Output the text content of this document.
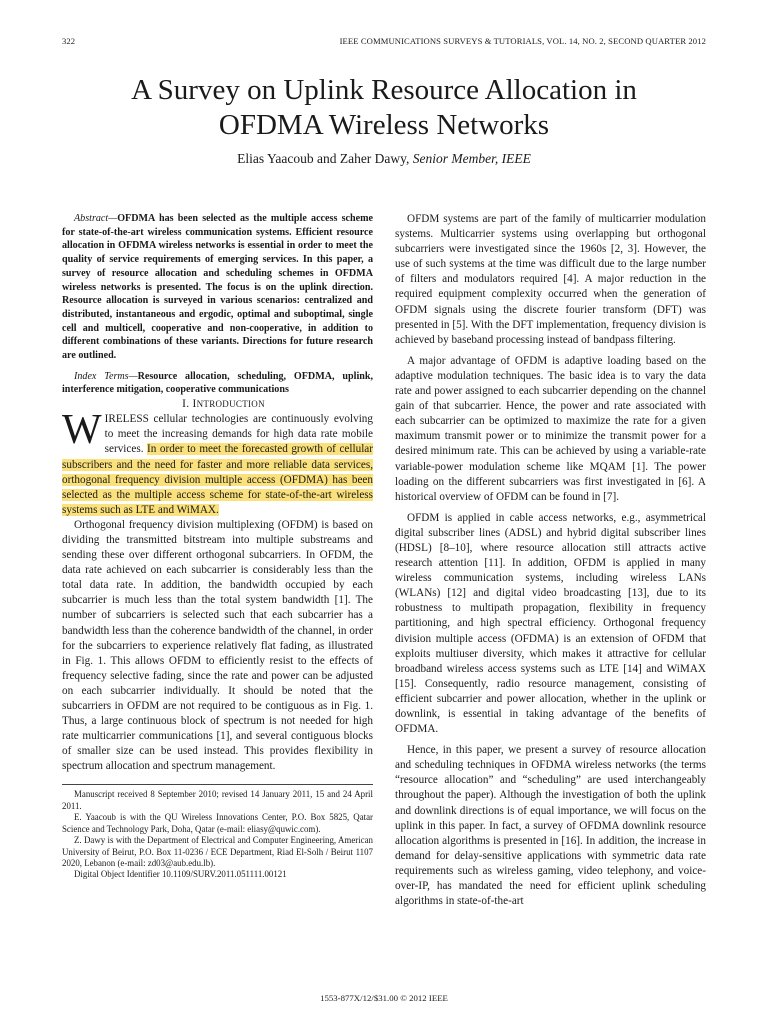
322	IEEE COMMUNICATIONS SURVEYS & TUTORIALS, VOL. 14, NO. 2, SECOND QUARTER 2012
A Survey on Uplink Resource Allocation in
OFDMA Wireless Networks
Elias Yaacoub and Zaher Dawy, Senior Member, IEEE

Abstract—OFDMA has been selected as the multiple access scheme for state-of-the-art wireless communication systems. Efficient resource allocation in OFDMA wireless networks is essential in order to meet the quality of service requirements of emerging services. In this paper, a survey of resource allocation and scheduling schemes in OFDMA wireless networks is presented. The focus is on the uplink direction. Resource allocation is surveyed in various scenarios: centralized and distributed, instantaneous and ergodic, optimal and suboptimal, single cell and multicell, cooperative and non-cooperative, in addition to different combinations of these variants. Directions for future research are outlined.

Index Terms—Resource allocation, scheduling, OFDMA, uplink, interference mitigation, cooperative communications

I. INTRODUCTION

WIRELESS cellular technologies are continuously evolving to meet the increasing demands for high data rate mobile services. In order to meet the forecasted growth of cellular subscribers and the need for faster and more reliable data services, orthogonal frequency division multiple access (OFDMA) has been selected as the multiple access scheme for state-of-the-art wireless systems such as LTE and WiMAX.

Orthogonal frequency division multiplexing (OFDM) is based on dividing the transmitted bitstream into multiple substreams and sending these over different orthogonal subcarriers. In OFDM, the data rate achieved on each subcarrier is considerably less than the total data rate. In addition, the bandwidth occupied by each subcarrier is much less than the total system bandwidth [1]. The number of subcarriers is selected such that each subcarrier has a bandwidth less than the coherence bandwidth of the channel, in order for the subcarriers to experience relatively flat fading, as illustrated in Fig. 1. This allows OFDM to efficiently resist to the effects of frequency selective fading, since the rate and power can be adjusted on each subcarrier individually. It should be noted that the subcarriers in OFDM are not required to be contiguous as in Fig. 1. Thus, a large continuous block of spectrum is not needed for high rate multicarrier communications [1], and several contiguous blocks of smaller size can be used instead. This provides flexibility in spectrum allocation and spectrum management.

Manuscript received 8 September 2010; revised 14 January 2011, 15 and 24 April 2011.

E. Yaacoub is with the QU Wireless Innovations Center, P.O. Box 5825, Qatar Science and Technology Park, Doha, Qatar (e-mail: eliasy@quwic.com).

Z. Dawy is with the Department of Electrical and Computer Engineering, American University of Beirut, P.O. Box 11-0236 / ECE Department, Riad El-Solh / Beirut 1107 2020, Lebanon (e-mail: zd03@aub.edu.lb).

Digital Object Identifier 10.1109/SURV.2011.051111.00121

OFDM systems are part of the family of multicarrier modulation systems. Multicarrier systems using overlapping but orthogonal subcarriers were investigated since the 1960s [2, 3]. However, the use of such systems at the time was difficult due to the large number of filters and modulators required [4]. A major reduction in the required equipment complexity occurred when the generation of OFDM signals using the discrete fourier transform (DFT) was presented in [5]. With the DFT implementation, frequency division is achieved by baseband processing instead of bandpass filtering.

A major advantage of OFDM is adaptive loading based on the adaptive modulation techniques. The basic idea is to vary the data rate and power assigned to each subcarrier depending on the channel gain of that subcarrier. Hence, the power and rate associated with each subcarrier can be optimized to maximize the rate for a given maximum transmit power or to minimize the transmit power for a desired minimum rate. This can be achieved by using a variable-rate variable-power modulation scheme like MQAM [1]. The power loading on the different subcarriers was first investigated in [6]. A historical overview of OFDM can be found in [7].

OFDM is applied in cable access networks, e.g., asymmetrical digital subscriber lines (ADSL) and hybrid digital subscriber lines (HDSL) [8–10], where resource allocation still attracts active research attention [11]. In addition, OFDM is applied in many wireless communication systems, including wireless LANs (WLANs) [12] and digital video broadcasting [13], due to its robustness to multipath propagation, flexibility in frequency partitioning, and high spectral efficiency. Orthogonal frequency division multiple access (OFDMA) is an extension of OFDM that exploits multiuser diversity, which makes it attractive for cellular broadband wireless access systems such as LTE [14] and WiMAX [15]. Consequently, radio resource management, consisting of efficient subcarrier and power allocation, whether in the uplink or downlink, is essential in taking advantage of the benefits of OFDMA.

Hence, in this paper, we present a survey of resource allocation and scheduling techniques in OFDMA wireless networks (the terms “resource allocation” and “scheduling” are used interchangeably throughout the paper). Although the investigation of both the uplink and downlink directions is of equal importance, we will focus on the uplink in this paper. In fact, a survey of OFDMA downlink resource allocation algorithms is presented in [16]. In addition, the increase in demand for delay-sensitive applications with symmetric data rate requirements such as wireless gaming, video telephony, and voice-over-IP, has mandated the need for efficient uplink scheduling algorithms in state-of-the-art

1553-877X/12/$31.00 © 2012 IEEE
